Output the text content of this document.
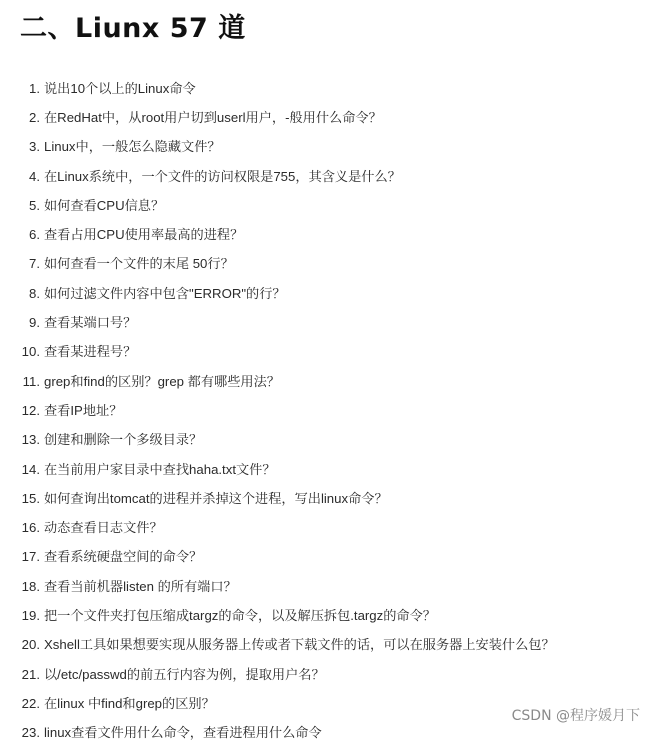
二、Liunx 57 道
1. 说出10个以上的Linux命令
2. 在RedHat中，从root用户切到userl用户，-般用什么命令？
3. Linux中，一般怎么隐藏文件？
4. 在Linux系统中，一个文件的访问权限是755，其含义是什么？
5. 如何查看CPU信息？
6. 查看占用CPU使用率最高的进程？
7. 如何查看一个文件的末尾 50行？
8. 如何过滤文件内容中包含"ERROR"的行？
9. 查看某端口号？
10. 查看某进程号？
11. grep和find的区别？grep 都有哪些用法？
12. 查看IP地址？
13. 创建和删除一个多级目录？
14. 在当前用户家目录中查找haha.txt文件？
15. 如何查询出tomcat的进程并杀掉这个进程，写出linux命令？
16. 动态查看日志文件？
17. 查看系统硬盘空间的命令？
18. 查看当前机器listen 的所有端口？
19. 把一个文件夹打包压缩成targz的命令，以及解压拆包.targz的命令？
20. Xshell工具如果想要实现从服务器上传或者下载文件的话，可以在服务器上安装什么包？
21. 以/etc/passwd的前五行内容为例，提取用户名？
22. 在linux 中find和grep的区别？
23. linux查看文件用什么命令，查看进程用什么命令
CSDN @程序媛月下
